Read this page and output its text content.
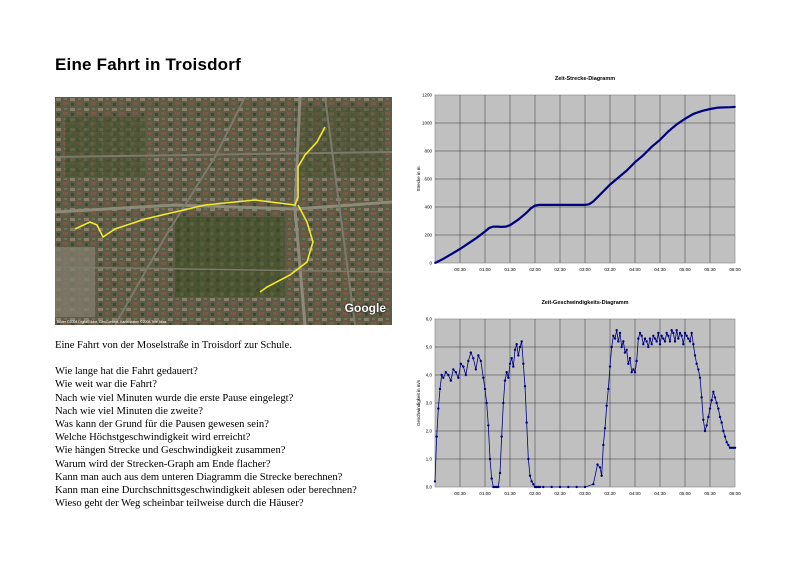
Eine Fahrt in Troisdorf
Google
Bilder ©2008 DigitalGlobe, GeoContent, Kartendaten ©2008 Tele Atlas

Eine Fahrt von der Moselstraße in Troisdorf zur Schule.

Wie lange hat die Fahrt gedauert?

Wie weit war die Fahrt?

Nach wie viel Minuten wurde die erste Pause eingelegt?

Nach wie viel Minuten die zweite?

Was kann der Grund für die Pausen gewesen sein?

Welche Höchstgeschwindigkeit wird erreicht?

Wie hängen Strecke und Geschwindigkeit zusammen?

Warum wird der Strecken-Graph am Ende flacher?

Kann man auch aus dem unteren Diagramm die Strecke berechnen?

Kann man eine Durchschnittsgeschwindigkeit ablesen oder berechnen?

Wieso geht der Weg scheinbar teilweise durch die Häuser?

Zeit-Strecke-Diagramm
0
200
400
600
800
1000
1200
00:30	01:00	01:30	02:00	02:30	03:00	03:30	04:00	04:30	05:00	05:30	06:00
Strecke in m
Zeit-Geschwindigkeits-Diagramm
0,0
1,0
2,0
3,0
4,0
5,0
6,0
00:30	01:00	01:30	02:00	02:30	03:00	03:30	04:00	04:30	05:00	05:30	06:00
Geschwindigkeit in m/s
